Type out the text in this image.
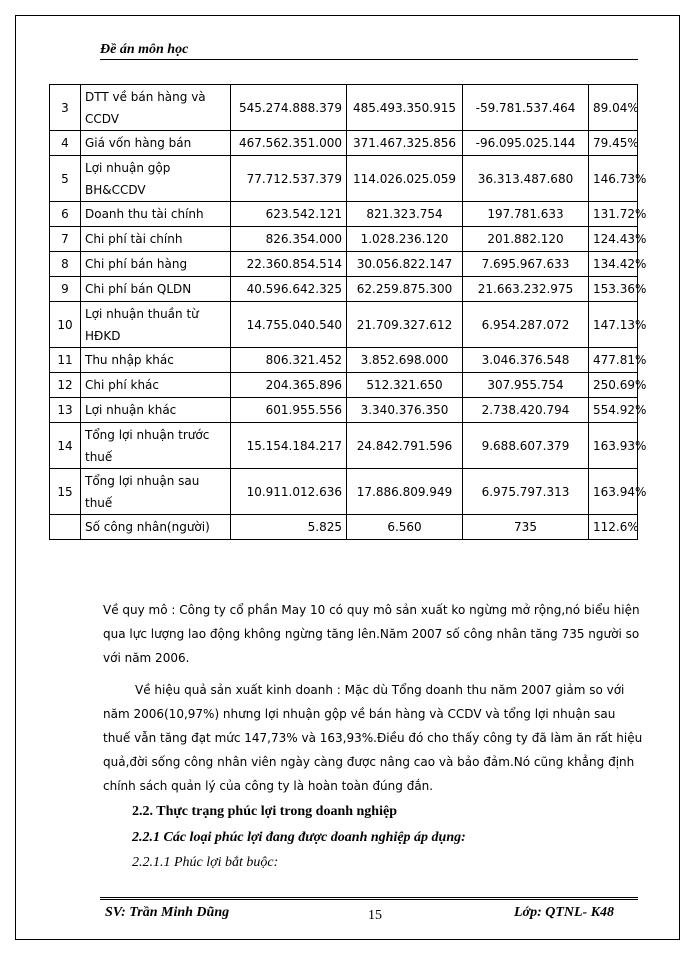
Đề án môn học
3	DTT về bán hàng và CCDV	545.274.888.379	485.493.350.915	-59.781.537.464	89.04%
4	Giá vốn hàng bán	467.562.351.000	371.467.325.856	-96.095.025.144	79.45%
5	Lợi nhuận gộp BH&CCDV	77.712.537.379	114.026.025.059	36.313.487.680	146.73%
6	Doanh thu tài chính	623.542.121	821.323.754	197.781.633	131.72%
7	Chi phí tài chính	826.354.000	1.028.236.120	201.882.120	124.43%
8	Chi phí bán hàng	22.360.854.514	30.056.822.147	7.695.967.633	134.42%
9	Chi phí bán QLDN	40.596.642.325	62.259.875.300	21.663.232.975	153.36%
10	Lợi nhuận thuần từ HĐKD	14.755.040.540	21.709.327.612	6.954.287.072	147.13%
11	Thu nhập khác	806.321.452	3.852.698.000	3.046.376.548	477.81%
12	Chi phí khác	204.365.896	512.321.650	307.955.754	250.69%
13	Lợi nhuận khác	601.955.556	3.340.376.350	2.738.420.794	554.92%
14	Tổng lợi nhuận trước thuế	15.154.184.217	24.842.791.596	9.688.607.379	163.93%
15	Tổng lợi nhuận sau thuế	10.911.012.636	17.886.809.949	6.975.797.313	163.94%
	Số công nhân(người)	5.825	6.560	735	112.6%
Về quy mô : Công ty cổ phần May 10 có quy mô sản xuất ko ngừng mở rộng,nó biểu hiện qua lực lượng lao động không ngừng tăng lên.Năm 2007 số công nhân tăng 735 người so với năm 2006.
Về hiệu quả sản xuất kinh doanh : Mặc dù Tổng doanh thu năm 2007 giảm so với năm 2006(10,97%) nhưng lợi nhuận gộp về bán hàng và CCDV và tổng lợi nhuận sau thuế vẫn tăng đạt mức 147,73% và 163,93%.Điều đó cho thấy công ty đã làm ăn rất hiệu quả,đời sống công nhân viên ngày càng được nâng cao và bảo đảm.Nó cũng khẳng định chính sách quản lý của công ty là hoàn toàn đúng đắn.
2.2. Thực trạng phúc lợi trong doanh nghiệp
2.2.1 Các loại phúc lợi đang được doanh nghiệp áp dụng:
2.2.1.1 Phúc lợi bắt buộc:
SV: Trần Minh Dũng	15	Lớp: QTNL- K48
